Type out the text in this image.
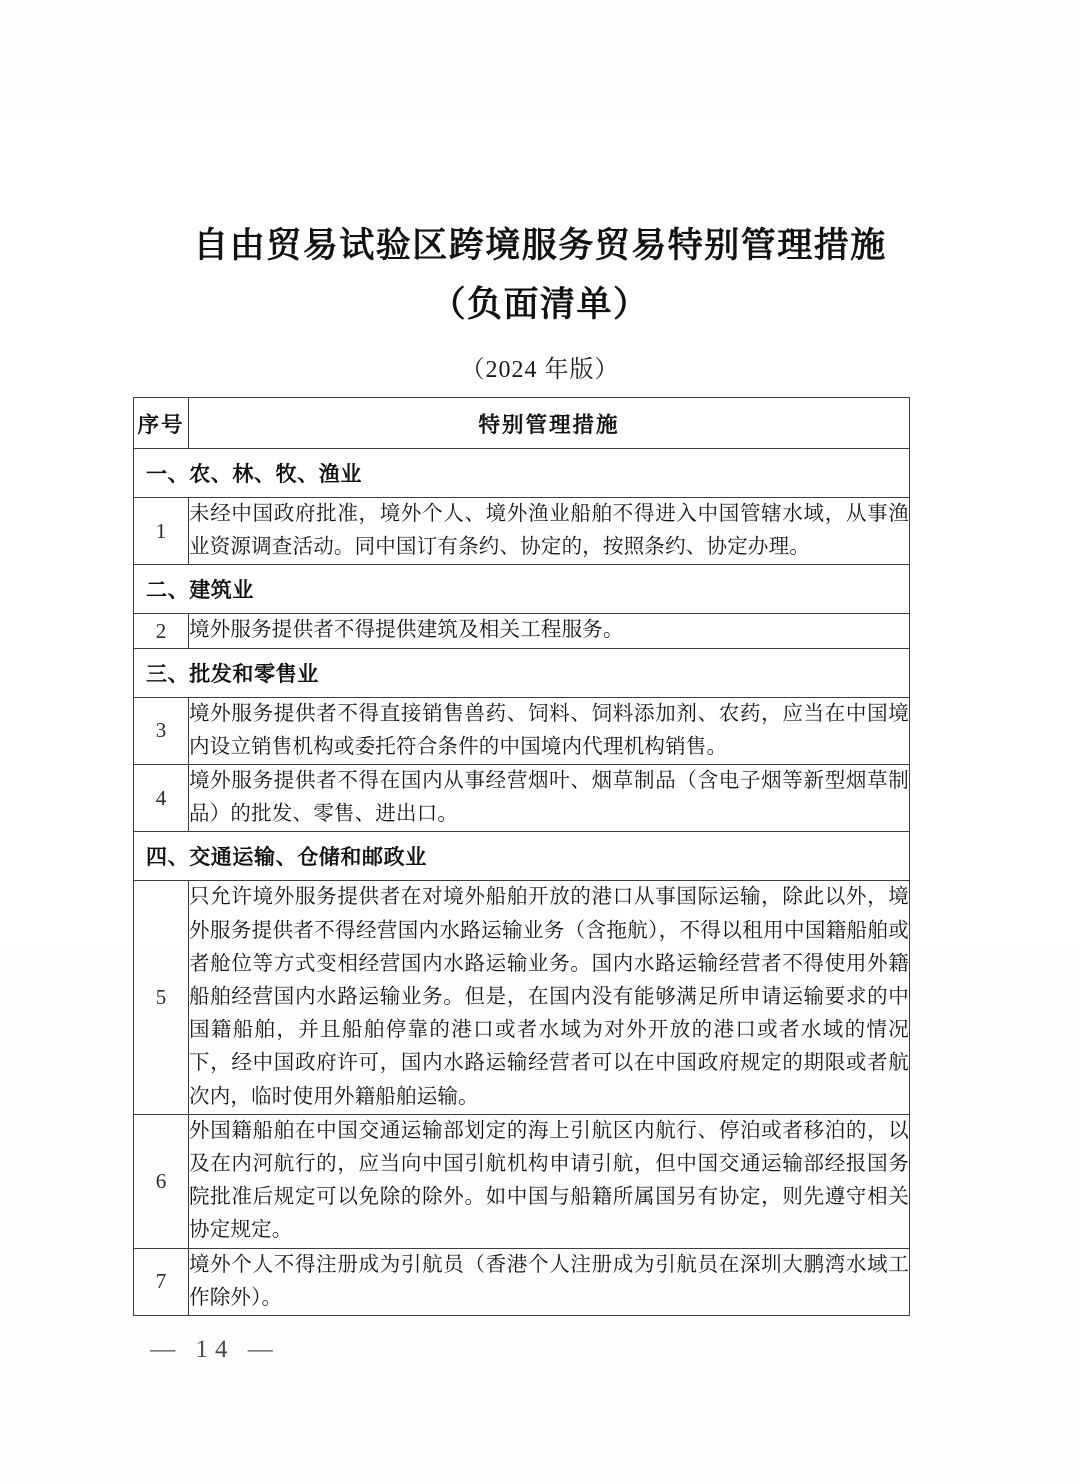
自由贸易试验区跨境服务贸易特别管理措施
（负面清单）
（2024 年版）
序号	特别管理措施
一、农、林、牧、渔业	
1	未经中国政府批准，境外个人、境外渔业船舶不得进入中国管辖水域，从事渔业资源调查活动。同中国订有条约、协定的，按照条约、协定办理。
二、建筑业	
2	境外服务提供者不得提供建筑及相关工程服务。
三、批发和零售业	
3	境外服务提供者不得直接销售兽药、饲料、饲料添加剂、农药，应当在中国境内设立销售机构或委托符合条件的中国境内代理机构销售。
4	境外服务提供者不得在国内从事经营烟叶、烟草制品（含电子烟等新型烟草制品）的批发、零售、进出口。
四、交通运输、仓储和邮政业	
5	只允许境外服务提供者在对境外船舶开放的港口从事国际运输，除此以外，境外服务提供者不得经营国内水路运输业务（含拖航），不得以租用中国籍船舶或者舱位等方式变相经营国内水路运输业务。国内水路运输经营者不得使用外籍船舶经营国内水路运输业务。但是，在国内没有能够满足所申请运输要求的中国籍船舶，并且船舶停靠的港口或者水域为对外开放的港口或者水域的情况下，经中国政府许可，国内水路运输经营者可以在中国政府规定的期限或者航次内，临时使用外籍船舶运输。
6	外国籍船舶在中国交通运输部划定的海上引航区内航行、停泊或者移泊的，以及在内河航行的，应当向中国引航机构申请引航，但中国交通运输部经报国务院批准后规定可以免除的除外。如中国与船籍所属国另有协定，则先遵守相关协定规定。
7	境外个人不得注册成为引航员（香港个人注册成为引航员在深圳大鹏湾水域工作除外）。
— 14 —
